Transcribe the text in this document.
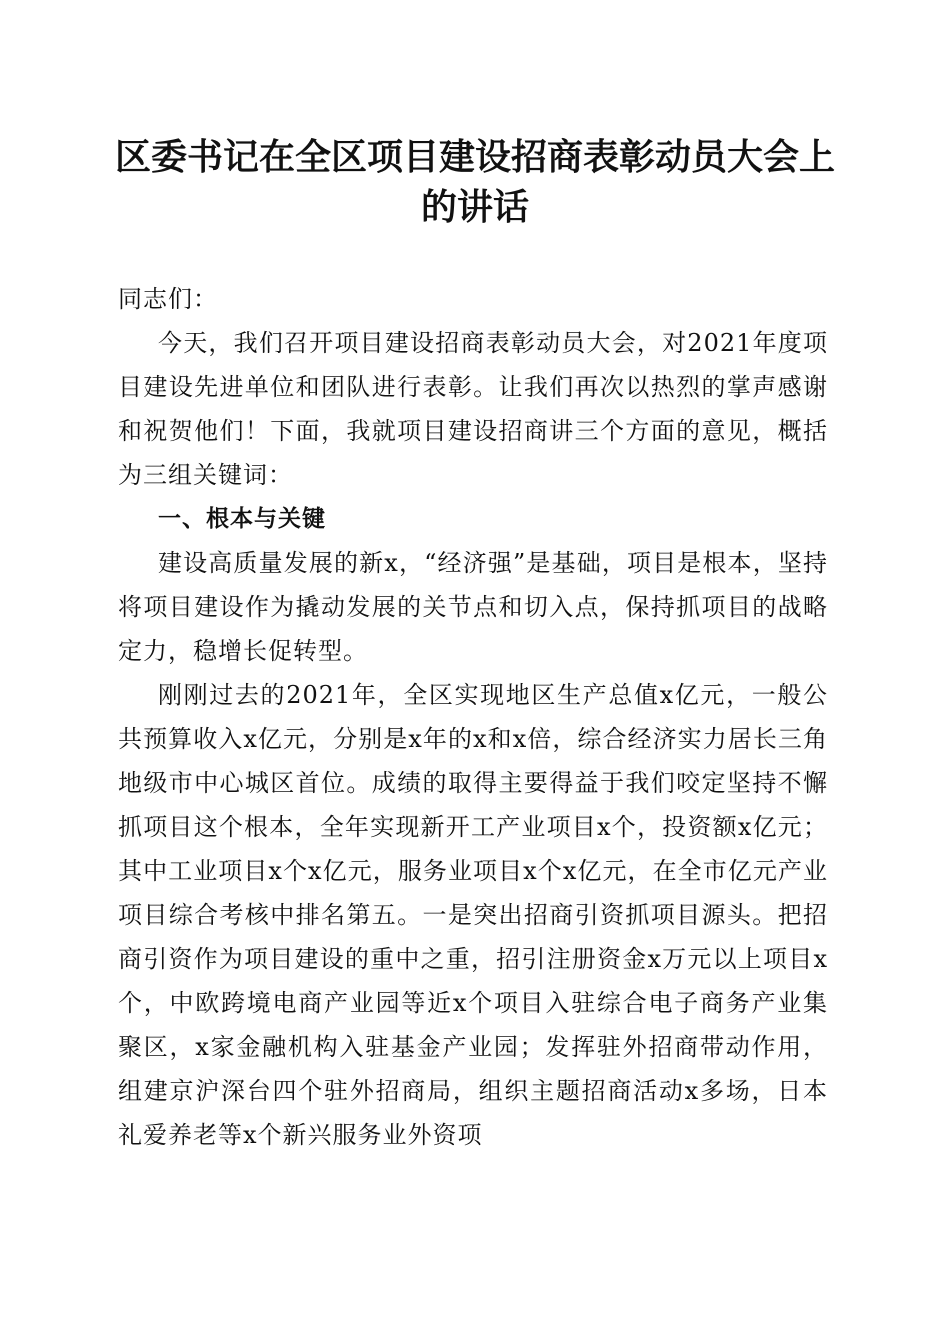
区委书记在全区项目建设招商表彰动员大会上
的讲话

同志们：

今天，我们召开项目建设招商表彰动员大会，对2021年度项目建设先进单位和团队进行表彰。让我们再次以热烈的掌声感谢和祝贺他们！下面，我就项目建设招商讲三个方面的意见，概括为三组关键词：

一、根本与关键

建设高质量发展的新x，“经济强”是基础，项目是根本，坚持将项目建设作为撬动发展的关节点和切入点，保持抓项目的战略定力，稳增长促转型。

刚刚过去的2021年，全区实现地区生产总值x亿元，一般公共预算收入x亿元，分别是x年的x和x倍，综合经济实力居长三角地级市中心城区首位。成绩的取得主要得益于我们咬定坚持不懈抓项目这个根本，全年实现新开工产业项目x个，投资额x亿元；其中工业项目x个x亿元，服务业项目x个x亿元，在全市亿元产业项目综合考核中排名第五。一是突出招商引资抓项目源头。把招商引资作为项目建设的重中之重，招引注册资金x万元以上项目x个，中欧跨境电商产业园等近x个项目入驻综合电子商务产业集聚区，x家金融机构入驻基金产业园；发挥驻外招商带动作用，组建京沪深台四个驻外招商局，组织主题招商活动x多场，日本礼爱养老等x个新兴服务业外资项
